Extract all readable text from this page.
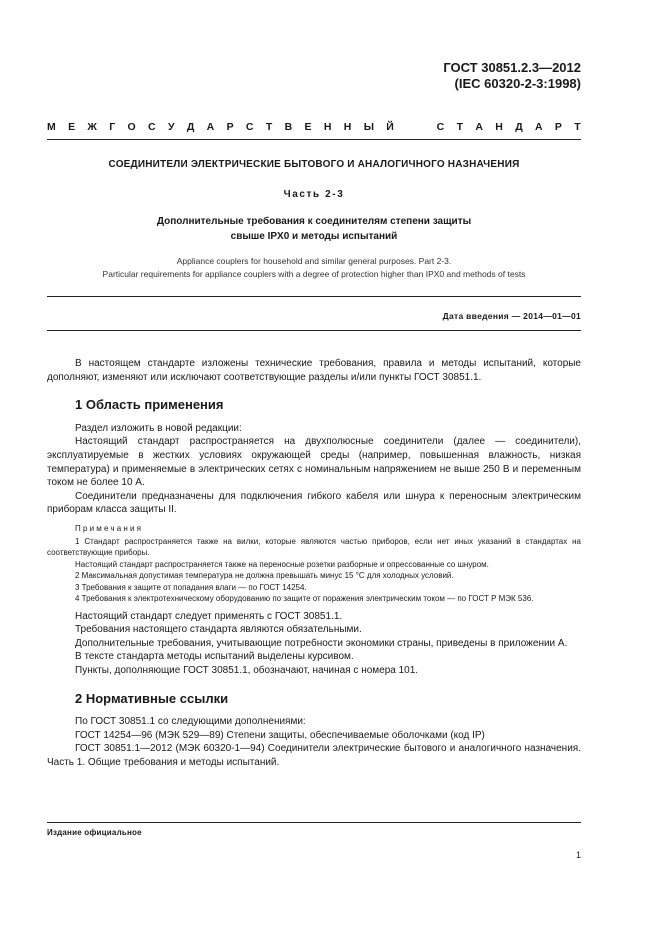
ГОСТ 30851.2.3—2012
(IEC 60320-2-3:1998)
М Е Ж Г О С У Д А Р С Т В Е Н Н Ы Й

	С Т А Н Д А Р Т
СОЕДИНИТЕЛИ ЭЛЕКТРИЧЕСКИЕ БЫТОВОГО И АНАЛОГИЧНОГО НАЗНАЧЕНИЯ
Часть 2-3
Дополнительные требования к соединителям степени защиты
свыше IPX0 и методы испытаний
Appliance couplers for household and similar general purposes. Part 2-3.
Particular requirements for appliance couplers with a degree of protection higher than IPX0 and methods of tests
Дата введения — 2014—01—01

В настоящем стандарте изложены технические требования, правила и методы испытаний, которые дополняют, изменяют или исключают соответствующие разделы и/или пункты ГОСТ 30851.1.

1 Область применения

Раздел изложить в новой редакции:

Настоящий стандарт распространяется на двухполюсные соединители (далее — соединители), эксплуатируемые в жестких условиях окружающей среды (например, повышенная влажность, низкая температура) и применяемые в электрических сетях с номинальным напряжением не выше 250 В и переменным током не более 10 А.

Соединители предназначены для подключения гибкого кабеля или шнура к переносным электрическим приборам класса защиты II.

Примечания

1 Стандарт распространяется также на вилки, которые являются частью приборов, если нет иных указаний в стандартах на соответствующие приборы.

Настоящий стандарт распространяется также на переносные розетки разборные и опрессованные со шнуром.

2 Максимальная допустимая температура не должна превышать минус 15 °С для холодных условий.

3 Требования к защите от попадания влаги — по ГОСТ 14254.

4 Требования к электротехническому оборудованию по защите от поражения электрическим током — по ГОСТ Р МЭК 536.

Настоящий стандарт следует применять с ГОСТ 30851.1.

Требования настоящего стандарта являются обязательными.

Дополнительные требования, учитывающие потребности экономики страны, приведены в приложении А.

В тексте стандарта методы испытаний выделены курсивом.

Пункты, дополняющие ГОСТ 30851.1, обозначают, начиная с номера 101.

2 Нормативные ссылки

По ГОСТ 30851.1 со следующими дополнениями:

ГОСТ 14254—96 (МЭК 529—89) Степени защиты, обеспечиваемые оболочками (код IP)

ГОСТ 30851.1—2012 (МЭК 60320-1—94) Соединители электрические бытового и аналогичного назначения. Часть 1. Общие требования и методы испытаний.

Издание официальное
1
